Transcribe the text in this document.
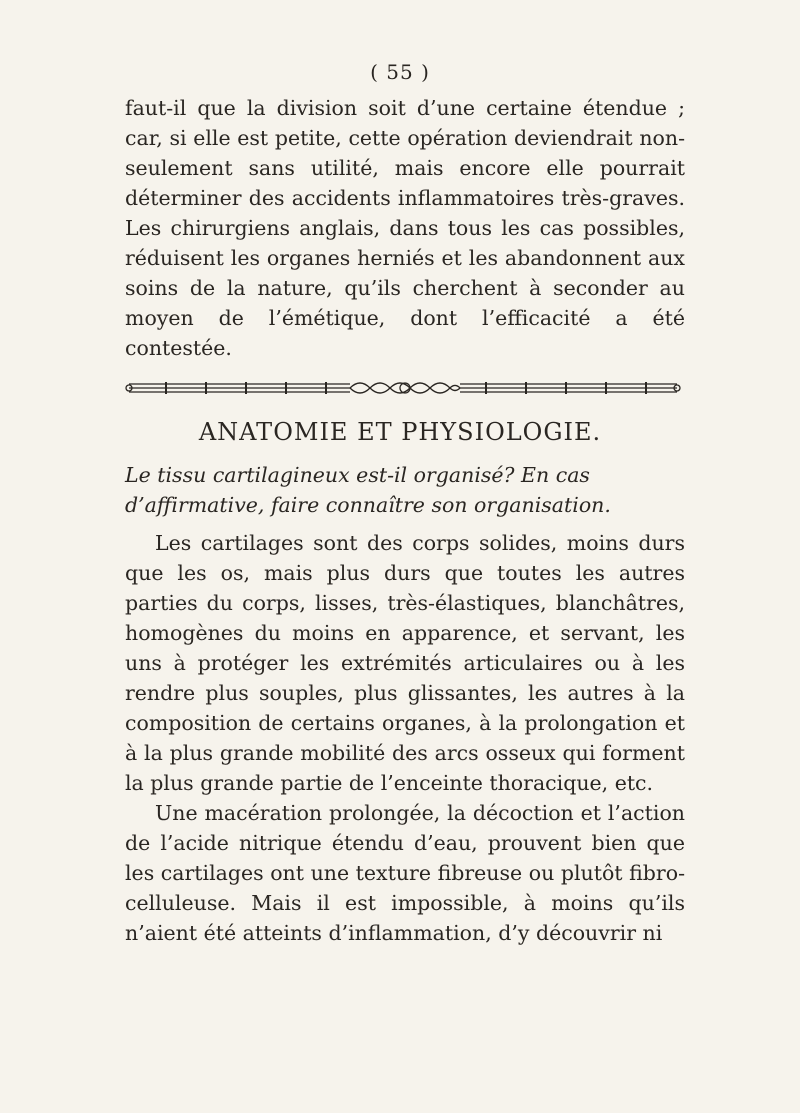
( 55 )

faut-il que la division soit d’une certaine étendue ; car, si elle est petite, cette opération deviendrait non-seulement sans utilité, mais encore elle pourrait déterminer des accidents inflammatoires très-graves. Les chirurgiens anglais, dans tous les cas possibles, réduisent les organes herniés et les abandonnent aux soins de la nature, qu’ils cherchent à seconder au moyen de l’émétique, dont l’efficacité a été contestée.

ANATOMIE ET PHYSIOLOGIE.
Le tissu cartilagineux est-il organisé? En cas d’affirmative, faire connaître son organisation.

Les cartilages sont des corps solides, moins durs que les os, mais plus durs que toutes les autres parties du corps, lisses, très-élastiques, blanchâtres, homogènes du moins en apparence, et servant, les uns à protéger les extrémités articulaires ou à les rendre plus souples, plus glissantes, les autres à la composition de certains organes, à la prolongation et à la plus grande mobilité des arcs osseux qui forment la plus grande partie de l’enceinte thoracique, etc.

Une macération prolongée, la décoction et l’action de l’acide nitrique étendu d’eau, prouvent bien que les cartilages ont une texture fibreuse ou plutôt fibro-celluleuse. Mais il est impossible, à moins qu’ils n’aient été atteints d’inflammation, d’y découvrir ni
